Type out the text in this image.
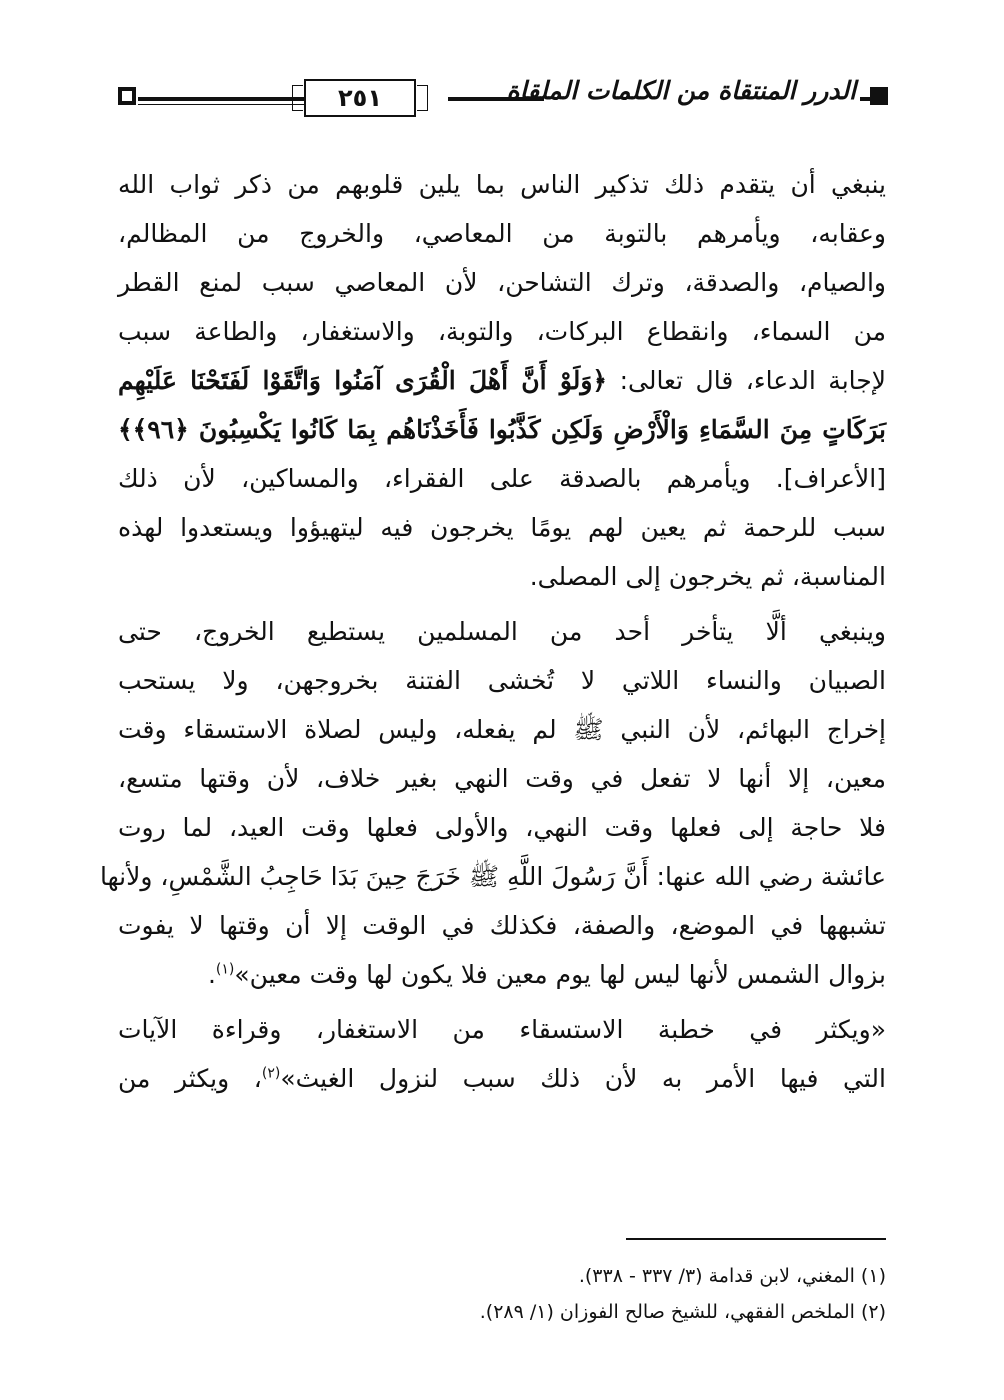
٢٥١	الدرر المنتقاة من الكلمات الملقاة
ينبغي أن يتقدم ذلك تذكير الناس بما يلين قلوبهم من ذكر ثواب الله
وعقابه، ويأمرهم بالتوبة من المعاصي، والخروج من المظالم،
والصيام، والصدقة، وترك التشاحن، لأن المعاصي سبب لمنع القطر
من السماء، وانقطاع البركات، والتوبة، والاستغفار، والطاعة سبب
لإجابة الدعاء، قال تعالى: ﴿وَلَوْ أَنَّ أَهْلَ الْقُرَى آمَنُوا وَاتَّقَوْا لَفَتَحْنَا عَلَيْهِم
بَرَكَاتٍ مِنَ السَّمَاءِ وَالْأَرْضِ وَلَكِن كَذَّبُوا فَأَخَذْنَاهُم بِمَا كَانُوا يَكْسِبُونَ ﴿٩٦﴾﴾
[الأعراف]. ويأمرهم بالصدقة على الفقراء، والمساكين، لأن ذلك
سبب للرحمة ثم يعين لهم يومًا يخرجون فيه ليتهيؤوا ويستعدوا لهذه
المناسبة، ثم يخرجون إلى المصلى.
وينبغي ألَّا يتأخر أحد من المسلمين يستطيع الخروج، حتى
الصبيان والنساء اللاتي لا تُخشى الفتنة بخروجهن، ولا يستحب
إخراج البهائم، لأن النبي ﷺ لم يفعله، وليس لصلاة الاستسقاء وقت
معين، إلا أنها لا تفعل في وقت النهي بغير خلاف، لأن وقتها متسع،
فلا حاجة إلى فعلها وقت النهي، والأولى فعلها وقت العيد، لما روت
عائشة رضي الله عنها: أَنَّ رَسُولَ اللَّهِ ﷺ خَرَجَ حِينَ بَدَا حَاجِبُ الشَّمْسِ، ولأنها
تشبهها في الموضع، والصفة، فكذلك في الوقت إلا أن وقتها لا يفوت
بزوال الشمس لأنها ليس لها يوم معين فلا يكون لها وقت معين»$^{(١)}$.
«ويكثر في خطبة الاستسقاء من الاستغفار، وقراءة الآيات
التي فيها الأمر به لأن ذلك سبب لنزول الغيث»$^{(٢)}$، ويكثر من
(١) المغني، لابن قدامة (٣/ ٣٣٧ - ٣٣٨).
(٢) الملخص الفقهي، للشيخ صالح الفوزان (١/ ٢٨٩).
